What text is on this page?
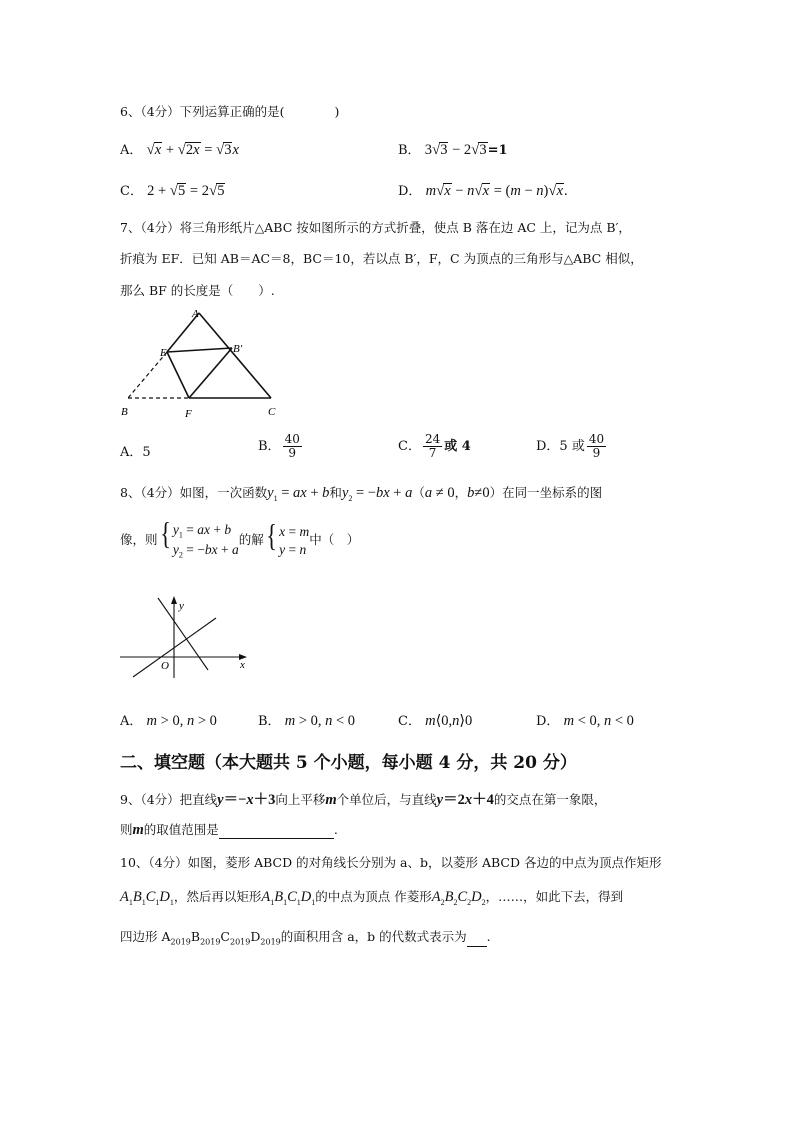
6、（4分）下列运算正确的是(　　　　)
A． √x + √2x = √3x	B． 3√3 − 2√3=1
C． 2 + √5 = 2√5	D． m√x − n√x = (m − n)√x.
7、（4分）将三角形纸片△ABC 按如图所示的方式折叠，使点 B 落在边 AC 上，记为点 B′，
折痕为 EF．已知 AB＝AC＝8，BC＝10，若以点 B′，F，C 为顶点的三角形与△ABC 相似，
那么 BF 的长度是（　　）.
A
E	B′
B	F	C
A．5	B． $\frac{40}{9}$	C． $\frac{24}{7}$ 或 4	D．5 或 $\frac{40}{9}$
8、（4分）如图，一次函数$y_1$ = ax + b和$y_2 = -bx + a(a \ne 0$，b≠0）在同一坐标系的图
像，则 { $y_1$ = ax + b
$y_2 = -bx + a$
的解 { x = m
y = n
中（　）
y
x
O
A． m > 0, n > 0	B． m > 0, n < 0	C． m⟨0,n⟩0	D． m < 0, n < 0
二、填空题（本大题共 5 个小题，每小题 4 分，共 20 分）
9、（4分）把直线y＝−x＋3向上平移m个单位后，与直线y＝2x＋4的交点在第一象限，
则m的取值范围是	.
10、（4分）如图，菱形 ABCD 的对角线长分别为 a、b，以菱形 ABCD 各边的中点为顶点作矩形
$A_1B_1C_1D_1$，然后再以矩形$A_1B_1C_1D_1$的中点为顶点 作菱形$A_2B_2C_2D_2$，……，如此下去，得到
四边形 $A_{2019}B_{2019}C_{2019}D_{2019}$的面积用含 a，b 的代数式表示为 .
